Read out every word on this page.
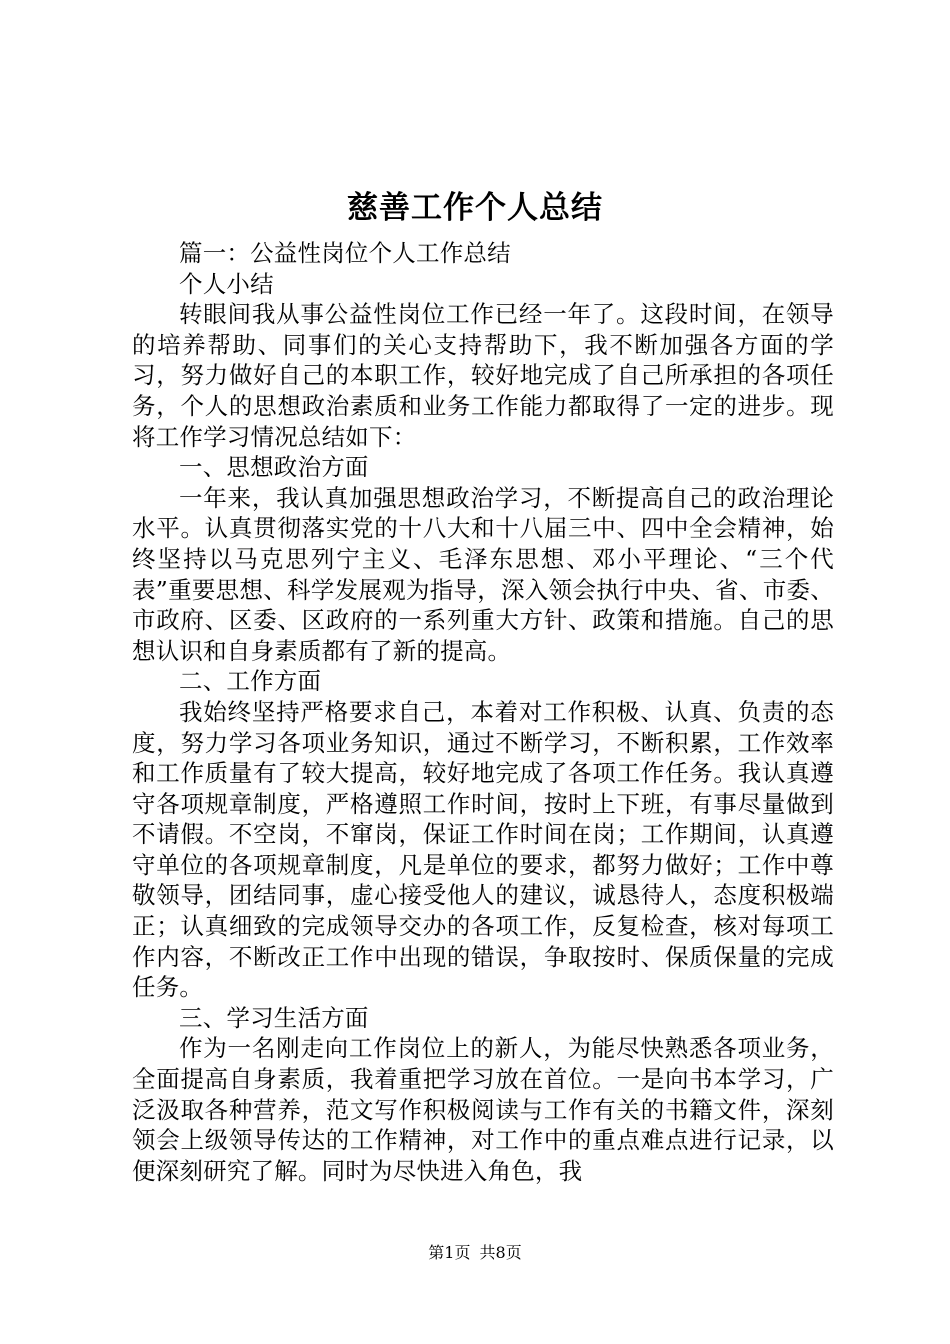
慈善工作个人总结

篇一：公益性岗位个人工作总结

个人小结

转眼间我从事公益性岗位工作已经一年了。这段时间，在领导的培养帮助、同事们的关心支持帮助下，我不断加强各方面的学习，努力做好自己的本职工作，较好地完成了自己所承担的各项任务，个人的思想政治素质和业务工作能力都取得了一定的进步。现将工作学习情况总结如下：

一、思想政治方面

一年来，我认真加强思想政治学习，不断提高自己的政治理论水平。认真贯彻落实党的十八大和十八届三中、四中全会精神，始终坚持以马克思列宁主义、毛泽东思想、邓小平理论、“三个代表”重要思想、科学发展观为指导，深入领会执行中央、省、市委、市政府、区委、区政府的一系列重大方针、政策和措施。自己的思想认识和自身素质都有了新的提高。

二、工作方面

我始终坚持严格要求自己，本着对工作积极、认真、负责的态度，努力学习各项业务知识，通过不断学习，不断积累，工作效率和工作质量有了较大提高，较好地完成了各项工作任务。我认真遵守各项规章制度，严格遵照工作时间，按时上下班，有事尽量做到不请假。不空岗，不窜岗，保证工作时间在岗；工作期间，认真遵守单位的各项规章制度，凡是单位的要求，都努力做好；工作中尊敬领导，团结同事，虚心接受他人的建议，诚恳待人，态度积极端正；认真细致的完成领导交办的各项工作，反复检查，核对每项工作内容，不断改正工作中出现的错误，争取按时、保质保量的完成任务。

三、学习生活方面

作为一名刚走向工作岗位上的新人，为能尽快熟悉各项业务，全面提高自身素质，我着重把学习放在首位。一是向书本学习，广泛汲取各种营养，范文写作积极阅读与工作有关的书籍文件，深刻领会上级领导传达的工作精神，对工作中的重点难点进行记录，以便深刻研究了解。同时为尽快进入角色，我

第1页 共8页
